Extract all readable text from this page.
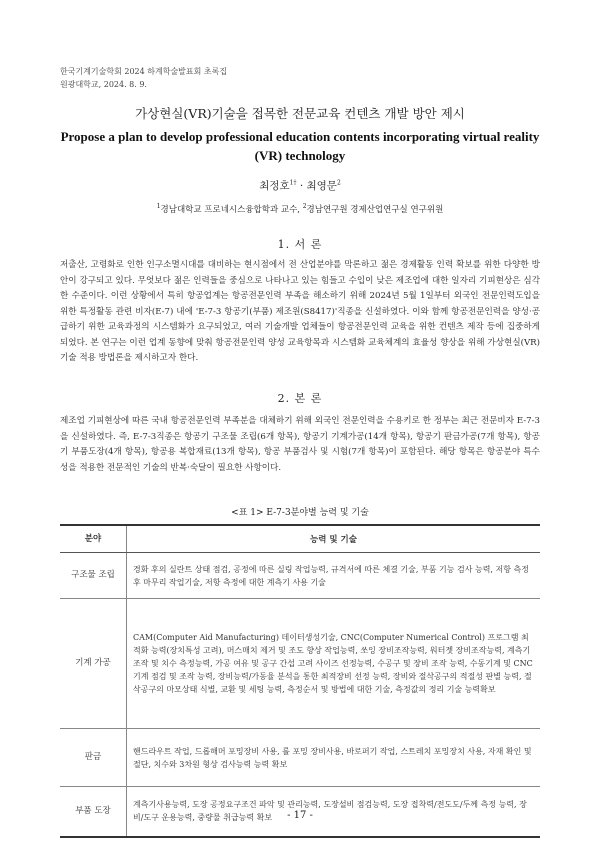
한국기계기술학회 2024 하계학술발표회 초록집
원광대학교, 2024. 8. 9.
가상현실(VR)기술을 접목한 전문교육 컨텐츠 개발 방안 제시
Propose a plan to develop professional education contents incorporating virtual reality (VR) technology
최정호$^{1\dagger}$ · 최영문$^2$
$^1$경남대학교 프로네시스융합학과 교수, $^2$경남연구원 경제산업연구실 연구위원
1. 서 론

저출산, 고령화로 인한 인구소멸시대를 대비하는 현시점에서 전 산업분야를 막론하고 젊은 경제활동 인력 확보를 위한 다양한 방안이 강구되고 있다. 무엇보다 젊은 인력들을 중심으로 나타나고 있는 힘들고 수입이 낮은 제조업에 대한 일자리 기피현상은 심각한 수준이다. 이런 상황에서 특히 항공업계는 항공전문인력 부족을 해소하기 위해 2024년 5월 1일부터 외국인 전문인력도입을 위한 특정활동 관련 비자(E-7) 내에 'E-7-3 항공기(부품) 제조원(S8417)'직종을 신설하였다. 이와 함께 항공전문인력을 양성·공급하기 위한 교육과정의 시스템화가 요구되었고, 여러 기술개발 업체들이 항공전문인력 교육을 위한 컨텐츠 제작 등에 집중하게 되었다. 본 연구는 이런 업계 동향에 맞춰 항공전문인력 양성 교육항목과 시스템화 교육체계의 효율성 향상을 위해 가상현실(VR) 기술 적용 방법론을 제시하고자 한다.

2. 본 론

제조업 기피현상에 따른 국내 항공전문인력 부족분을 대체하기 위해 외국인 전문인력을 수용키로 한 정부는 최근 전문비자 E-7-3을 신설하였다. 즉, E-7-3직종은 항공기 구조물 조립(6개 항목), 항공기 기계가공(14개 항목), 항공기 판금가공(7개 항목), 항공기 부품도장(4개 항목), 항공용 복합재료(13개 항목), 항공 부품검사 및 시험(7개 항목)이 포함된다. 해당 항목은 항공분야 특수성을 적용한 전문적인 기술의 반복·숙달이 필요한 사항이다.

<표 1> E-7-3분야별 능력 및 기술
분야	능력 및 기술
구조물 조립	경화 후의 실란트 상태 점검, 공정에 따른 실링 작업능력, 규격서에 따른 체결 기술, 부품 기능 검사 능력, 저항 측정 후 마무리 작업기술, 저항 측정에 대한 계측기 사용 기술
기계 가공	CAM(Computer Aid Manufacturing) 데이터생성기술, CNC(Computer Numerical Control) 프로그램 최적화 능력(장치특성 고려), 머스매치 제거 및 조도 향상 작업능력, 쏘잉 장비조작능력, 워터젯 장비조작능력, 계측기 조작 및 치수 측정능력, 가공 여유 및 공구 간섭 고려 사이즈 선정능력, 수공구 및 장비 조작 능력, 수동기계 및 CNC 기계 점검 및 조작 능력, 장비능력/가동율 분석을 통한 최적장비 선정 능력, 장비와 절삭공구의 적절성 판별 능력, 절삭공구의 마모상태 식별, 교환 및 세팅 능력, 측정순서 및 방법에 대한 기술, 측정값의 정리 기술 능력확보
판금	핸드라우트 작업, 드롭해머 포밍장비 사용, 롤 포밍 장비사용, 바로퍼기 작업, 스트레치 포밍장치 사용, 자재 확인 및 절단, 치수와 3차원 형상 검사능력 능력 확보
부품 도장	계측기사용능력, 도장 공정요구조건 파악 및 관리능력, 도장설비 점검능력, 도장 접착력/전도도/두께 측정 능력, 장비/도구 운용능력, 중량물 취급능력 확보	- 17 -
